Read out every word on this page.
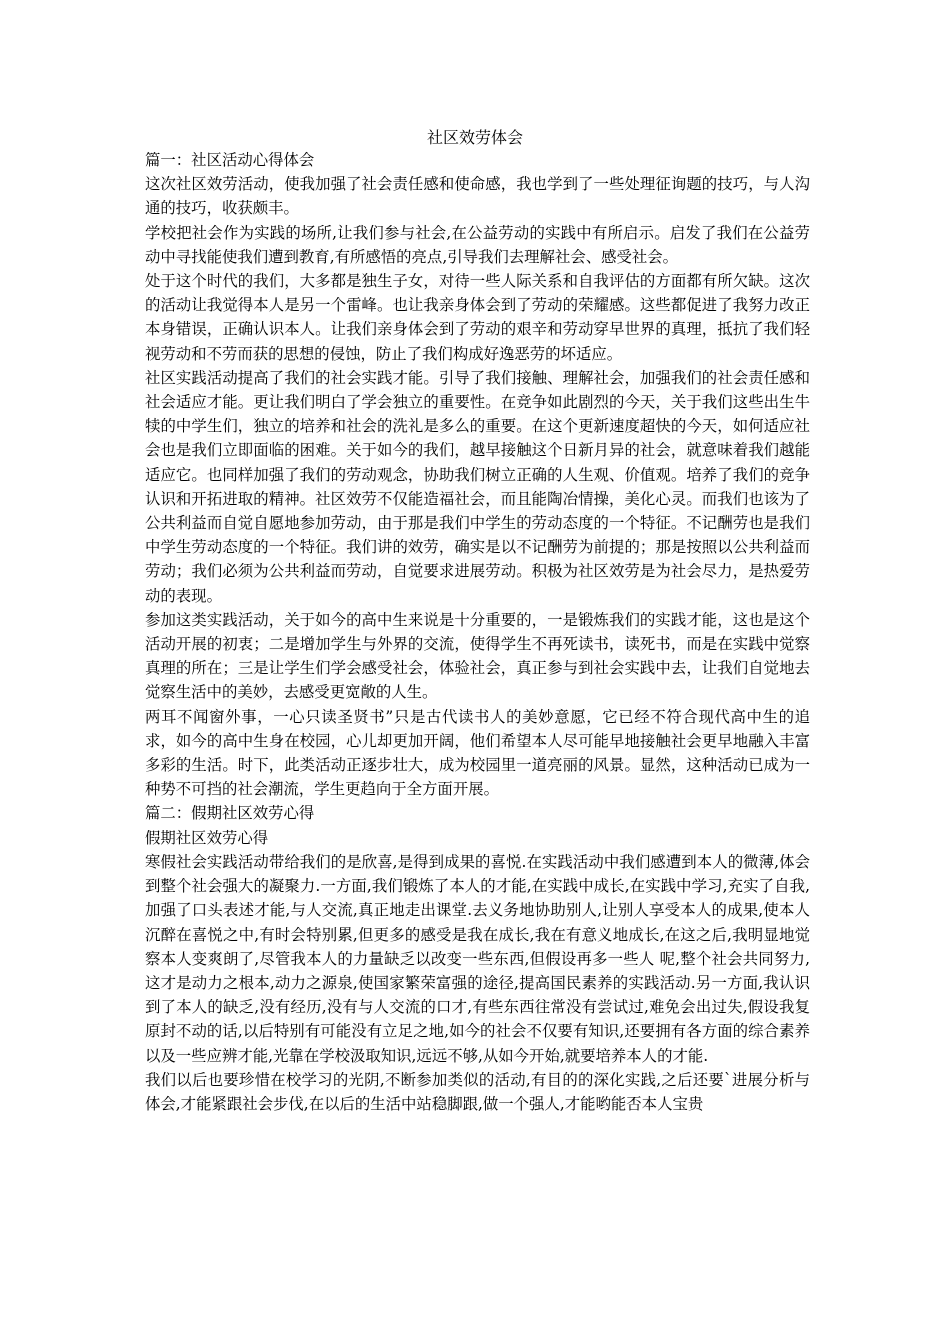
社区效劳体会

篇一：社区活动心得体会

这次社区效劳活动，使我加强了社会责任感和使命感，我也学到了一些处理征询题的技巧，与人沟通的技巧，收获颇丰。

学校把社会作为实践的场所,让我们参与社会,在公益劳动的实践中有所启示。启发了我们在公益劳动中寻找能使我们遭到教育,有所感悟的亮点,引导我们去理解社会、感受社会。

处于这个时代的我们，大多都是独生子女，对待一些人际关系和自我评估的方面都有所欠缺。这次的活动让我觉得本人是另一个雷峰。也让我亲身体会到了劳动的荣耀感。这些都促进了我努力改正本身错误，正确认识本人。让我们亲身体会到了劳动的艰辛和劳动穿早世界的真理，抵抗了我们轻视劳动和不劳而获的思想的侵蚀，防止了我们构成好逸恶劳的坏适应。

社区实践活动提高了我们的社会实践才能。引导了我们接触、理解社会，加强我们的社会责任感和社会适应才能。更让我们明白了学会独立的重要性。在竞争如此剧烈的今天，关于我们这些出生牛犊的中学生们，独立的培养和社会的洗礼是多么的重要。在这个更新速度超快的今天，如何适应社会也是我们立即面临的困难。关于如今的我们，越早接触这个日新月异的社会，就意味着我们越能适应它。也同样加强了我们的劳动观念，协助我们树立正确的人生观、价值观。培养了我们的竞争认识和开拓进取的精神。社区效劳不仅能造福社会，而且能陶冶情操，美化心灵。而我们也该为了公共利益而自觉自愿地参加劳动，由于那是我们中学生的劳动态度的一个特征。不记酬劳也是我们中学生劳动态度的一个特征。我们讲的效劳，确实是以不记酬劳为前提的；那是按照以公共利益而劳动；我们必须为公共利益而劳动，自觉要求进展劳动。积极为社区效劳是为社会尽力，是热爱劳动的表现。

参加这类实践活动，关于如今的高中生来说是十分重要的，一是锻炼我们的实践才能，这也是这个活动开展的初衷；二是增加学生与外界的交流，使得学生不再死读书，读死书，而是在实践中觉察真理的所在；三是让学生们学会感受社会，体验社会，真正参与到社会实践中去，让我们自觉地去觉察生活中的美妙，去感受更宽敞的人生。

两耳不闻窗外事，一心只读圣贤书”只是古代读书人的美妙意愿，它已经不符合现代高中生的追求，如今的高中生身在校园，心儿却更加开阔，他们希望本人尽可能早地接触社会更早地融入丰富多彩的生活。时下，此类活动正逐步壮大，成为校园里一道亮丽的风景。显然，这种活动已成为一种势不可挡的社会潮流，学生更趋向于全方面开展。

篇二：假期社区效劳心得

假期社区效劳心得

寒假社会实践活动带给我们的是欣喜,是得到成果的喜悦.在实践活动中我们感遭到本人的微薄,体会到整个社会强大的凝聚力.一方面,我们锻炼了本人的才能,在实践中成长,在实践中学习,充实了自我,加强了口头表述才能,与人交流,真正地走出课堂.去义务地协助别人,让别人享受本人的成果,使本人沉醉在喜悦之中,有时会特别累,但更多的感受是我在成长,我在有意义地成长,在这之后,我明显地觉察本人变爽朗了,尽管我本人的力量缺乏以改变一些东西,但假设再多一些人 呢,整个社会共同努力,这才是动力之根本,动力之源泉,使国家繁荣富强的途径,提高国民素养的实践活动.另一方面,我认识到了本人的缺乏,没有经历,没有与人交流的口才,有些东西往常没有尝试过,难免会出过失,假设我复原封不动的话,以后特别有可能没有立足之地,如今的社会不仅要有知识,还要拥有各方面的综合素养以及一些应辨才能,光靠在学校汲取知识,远远不够,从如今开始,就要培养本人的才能.

我们以后也要珍惜在校学习的光阴,不断参加类似的活动,有目的的深化实践,之后还要`进展分析与体会,才能紧跟社会步伐,在以后的生活中站稳脚跟,做一个强人,才能哟能否本人宝贵
